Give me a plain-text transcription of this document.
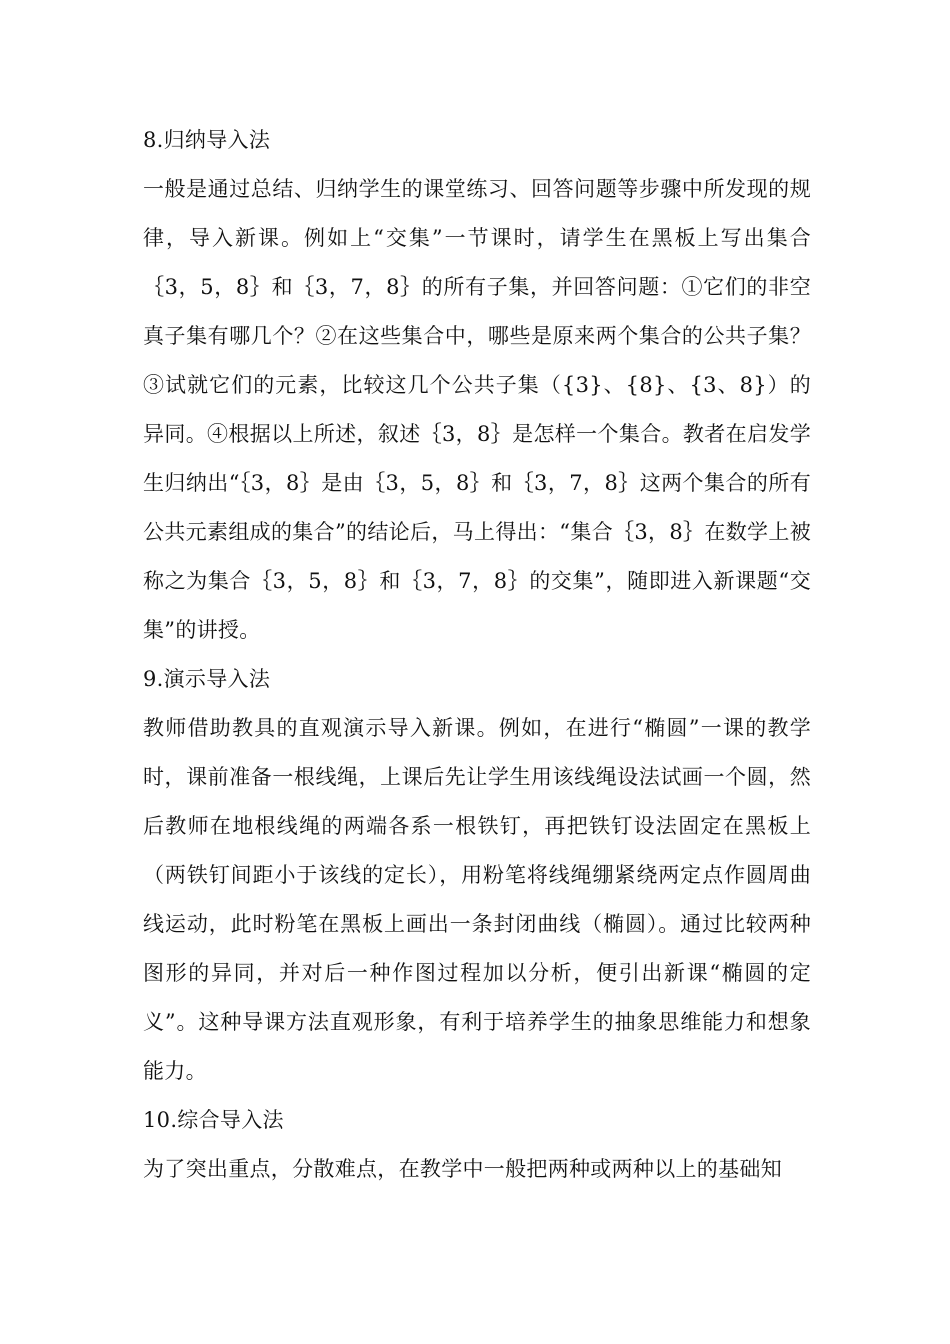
8.归纳导入法

一般是通过总结、归纳学生的课堂练习、回答问题等步骤中所发现的规律，导入新课。例如上“交集”一节课时，请学生在黑板上写出集合｛3，5，8｝和｛3，7，8｝的所有子集，并回答问题：①它们的非空真子集有哪几个？②在这些集合中，哪些是原来两个集合的公共子集？③试就它们的元素，比较这几个公共子集（{3}、{8}、{3、8}）的异同。④根据以上所述，叙述｛3，8｝是怎样一个集合。教者在启发学生归纳出“｛3，8｝是由｛3，5，8｝和｛3，7，8｝这两个集合的所有公共元素组成的集合”的结论后，马上得出：“集合｛3，8｝在数学上被称之为集合｛3，5，8｝和｛3，7，8｝的交集”，随即进入新课题“交集”的讲授。

9.演示导入法

教师借助教具的直观演示导入新课。例如，在进行“椭圆”一课的教学时，课前准备一根线绳，上课后先让学生用该线绳设法试画一个圆，然后教师在地根线绳的两端各系一根铁钉，再把铁钉设法固定在黑板上（两铁钉间距小于该线的定长），用粉笔将线绳绷紧绕两定点作圆周曲线运动，此时粉笔在黑板上画出一条封闭曲线（椭圆）。通过比较两种图形的异同，并对后一种作图过程加以分析，便引出新课“椭圆的定义”。这种导课方法直观形象，有利于培养学生的抽象思维能力和想象能力。

10.综合导入法

为了突出重点，分散难点，在教学中一般把两种或两种以上的基础知
